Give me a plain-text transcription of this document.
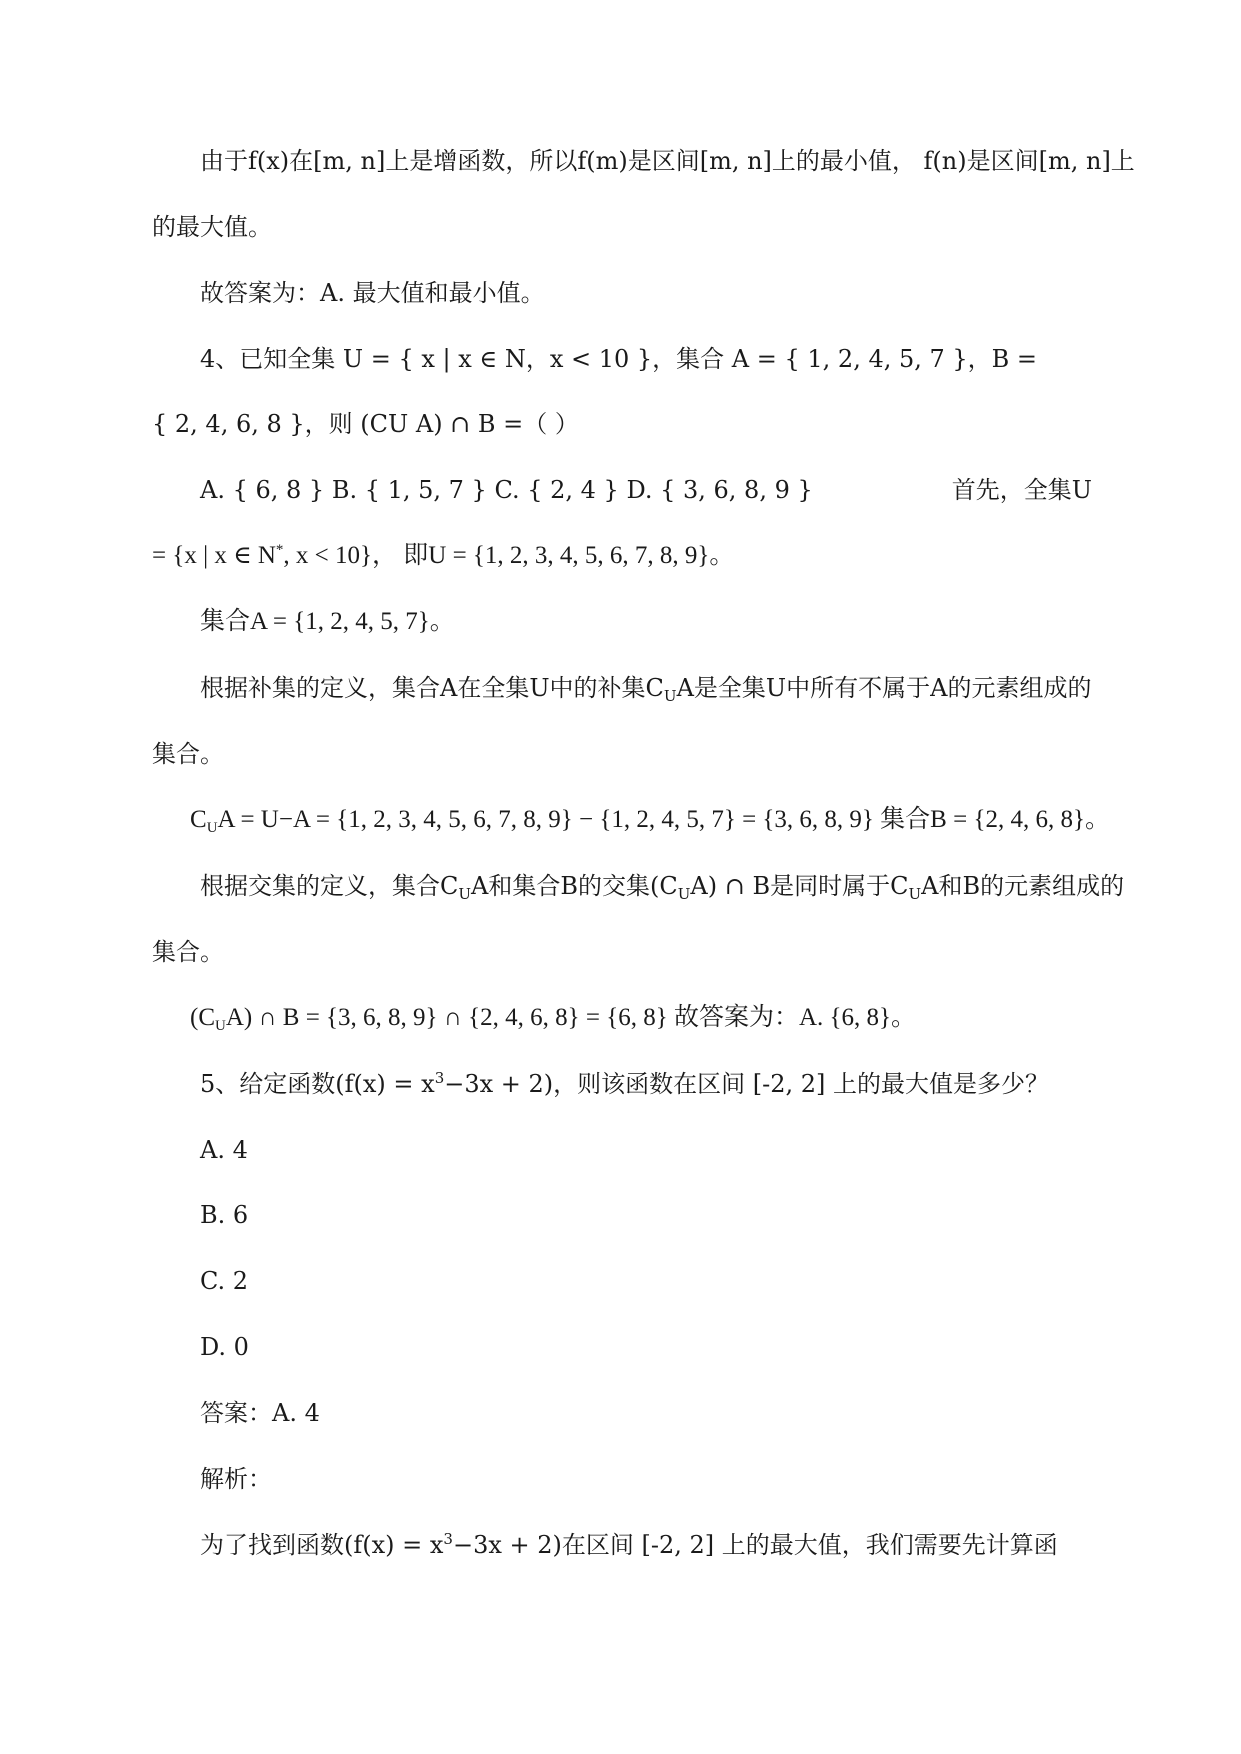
由于f(x)在[m, n]上是增函数，所以f(m)是区间[m, n]上的最小值， f(n)是区间[m, n]上
的最大值。
故答案为：A. 最大值和最小值。
4、已知全集 U = { x | x ∈ N，x < 10 }，集合 A = { 1, 2, 4, 5, 7 }，B =
{ 2, 4, 6, 8 }，则 (CU A) ∩ B =（ ）
A. { 6, 8 } B. { 1, 5, 7 } C. { 2, 4 } D. { 3, 6, 8, 9 }	首先，全集U
= {x | x ∈ N*, x < 10}， 即U = {1, 2, 3, 4, 5, 6, 7, 8, 9}。
集合A = {1, 2, 4, 5, 7}。
根据补集的定义，集合A在全集U中的补集$C_UA$是全集U中所有不属于A的元素组成的
集合。
$C_UA = U-A = \{1$, 2, 3, 4, 5, 6, 7, 8, 9} − {1, 2, 4, 5, 7} = {3, 6, 8, 9} 集合B = {2, 4, 6, 8}。
根据交集的定义，集合$C_UA$和集合B的交集$(C_UA)$ ∩ B是同时属于$C_UA$和B的元素组成的
集合。
$(C_UA)$ ∩ B = {3, 6, 8, 9} ∩ {2, 4, 6, 8} = {6, 8} 故答案为：A. {6, 8}。
5、给定函数$(f(x) = x^3-3x + 2)$，则该函数在区间 [-2, 2] 上的最大值是多少？
A. 4
B. 6
C. 2
D. 0
答案：A. 4
解析：
为了找到函数$(f(x) = x^3-3x + 2)$在区间 [-2, 2] 上的最大值，我们需要先计算函
